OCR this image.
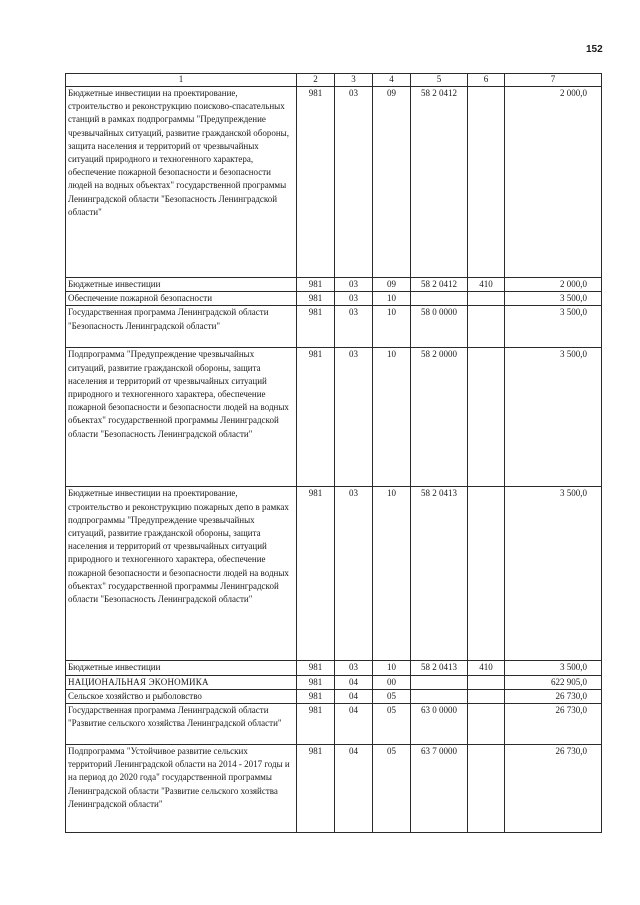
152
1	2	3	4	5	6	7
Бюджетные инвестиции на проектирование, строительство и реконструкцию поисково-спасательных станций в рамках подпрограммы "Предупреждение чрезвычайных ситуаций, развитие гражданской обороны, защита населения и территорий от чрезвычайных ситуаций природного и техногенного характера, обеспечение пожарной безопасности и безопасности людей на водных объектах" государственной программы Ленинградской области "Безопасность Ленинградской области"	981	03	09	58 2 0412		2 000,0
Бюджетные инвестиции	981	03	09	58 2 0412	410	2 000,0
Обеспечение пожарной безопасности	981	03	10			3 500,0
Государственная программа Ленинградской области "Безопасность Ленинградской области"	981	03	10	58 0 0000		3 500,0
Подпрограмма "Предупреждение чрезвычайных ситуаций, развитие гражданской обороны, защита населения и территорий от чрезвычайных ситуаций природного и техногенного характера, обеспечение пожарной безопасности и безопасности людей на водных объектах" государственной программы Ленинградской области "Безопасность Ленинградской области"	981	03	10	58 2 0000		3 500,0
Бюджетные инвестиции на проектирование, строительство и реконструкцию пожарных депо в рамках подпрограммы "Предупреждение чрезвычайных ситуаций, развитие гражданской обороны, защита населения и территорий от чрезвычайных ситуаций природного и техногенного характера, обеспечение пожарной безопасности и безопасности людей на водных объектах" государственной программы Ленинградской области "Безопасность Ленинградской области"	981	03	10	58 2 0413		3 500,0
Бюджетные инвестиции	981	03	10	58 2 0413	410	3 500,0
НАЦИОНАЛЬНАЯ ЭКОНОМИКА	981	04	00			622 905,0
Сельское хозяйство и рыболовство	981	04	05			26 730,0
Государственная программа Ленинградской области "Развитие сельского хозяйства Ленинградской области"	981	04	05	63 0 0000		26 730,0
Подпрограмма "Устойчивое развитие сельских территорий Ленинградской области на 2014 - 2017 годы и на период до 2020 года" государственной программы Ленинградской области "Развитие сельского хозяйства Ленинградской области"	981	04	05	63 7 0000		26 730,0
